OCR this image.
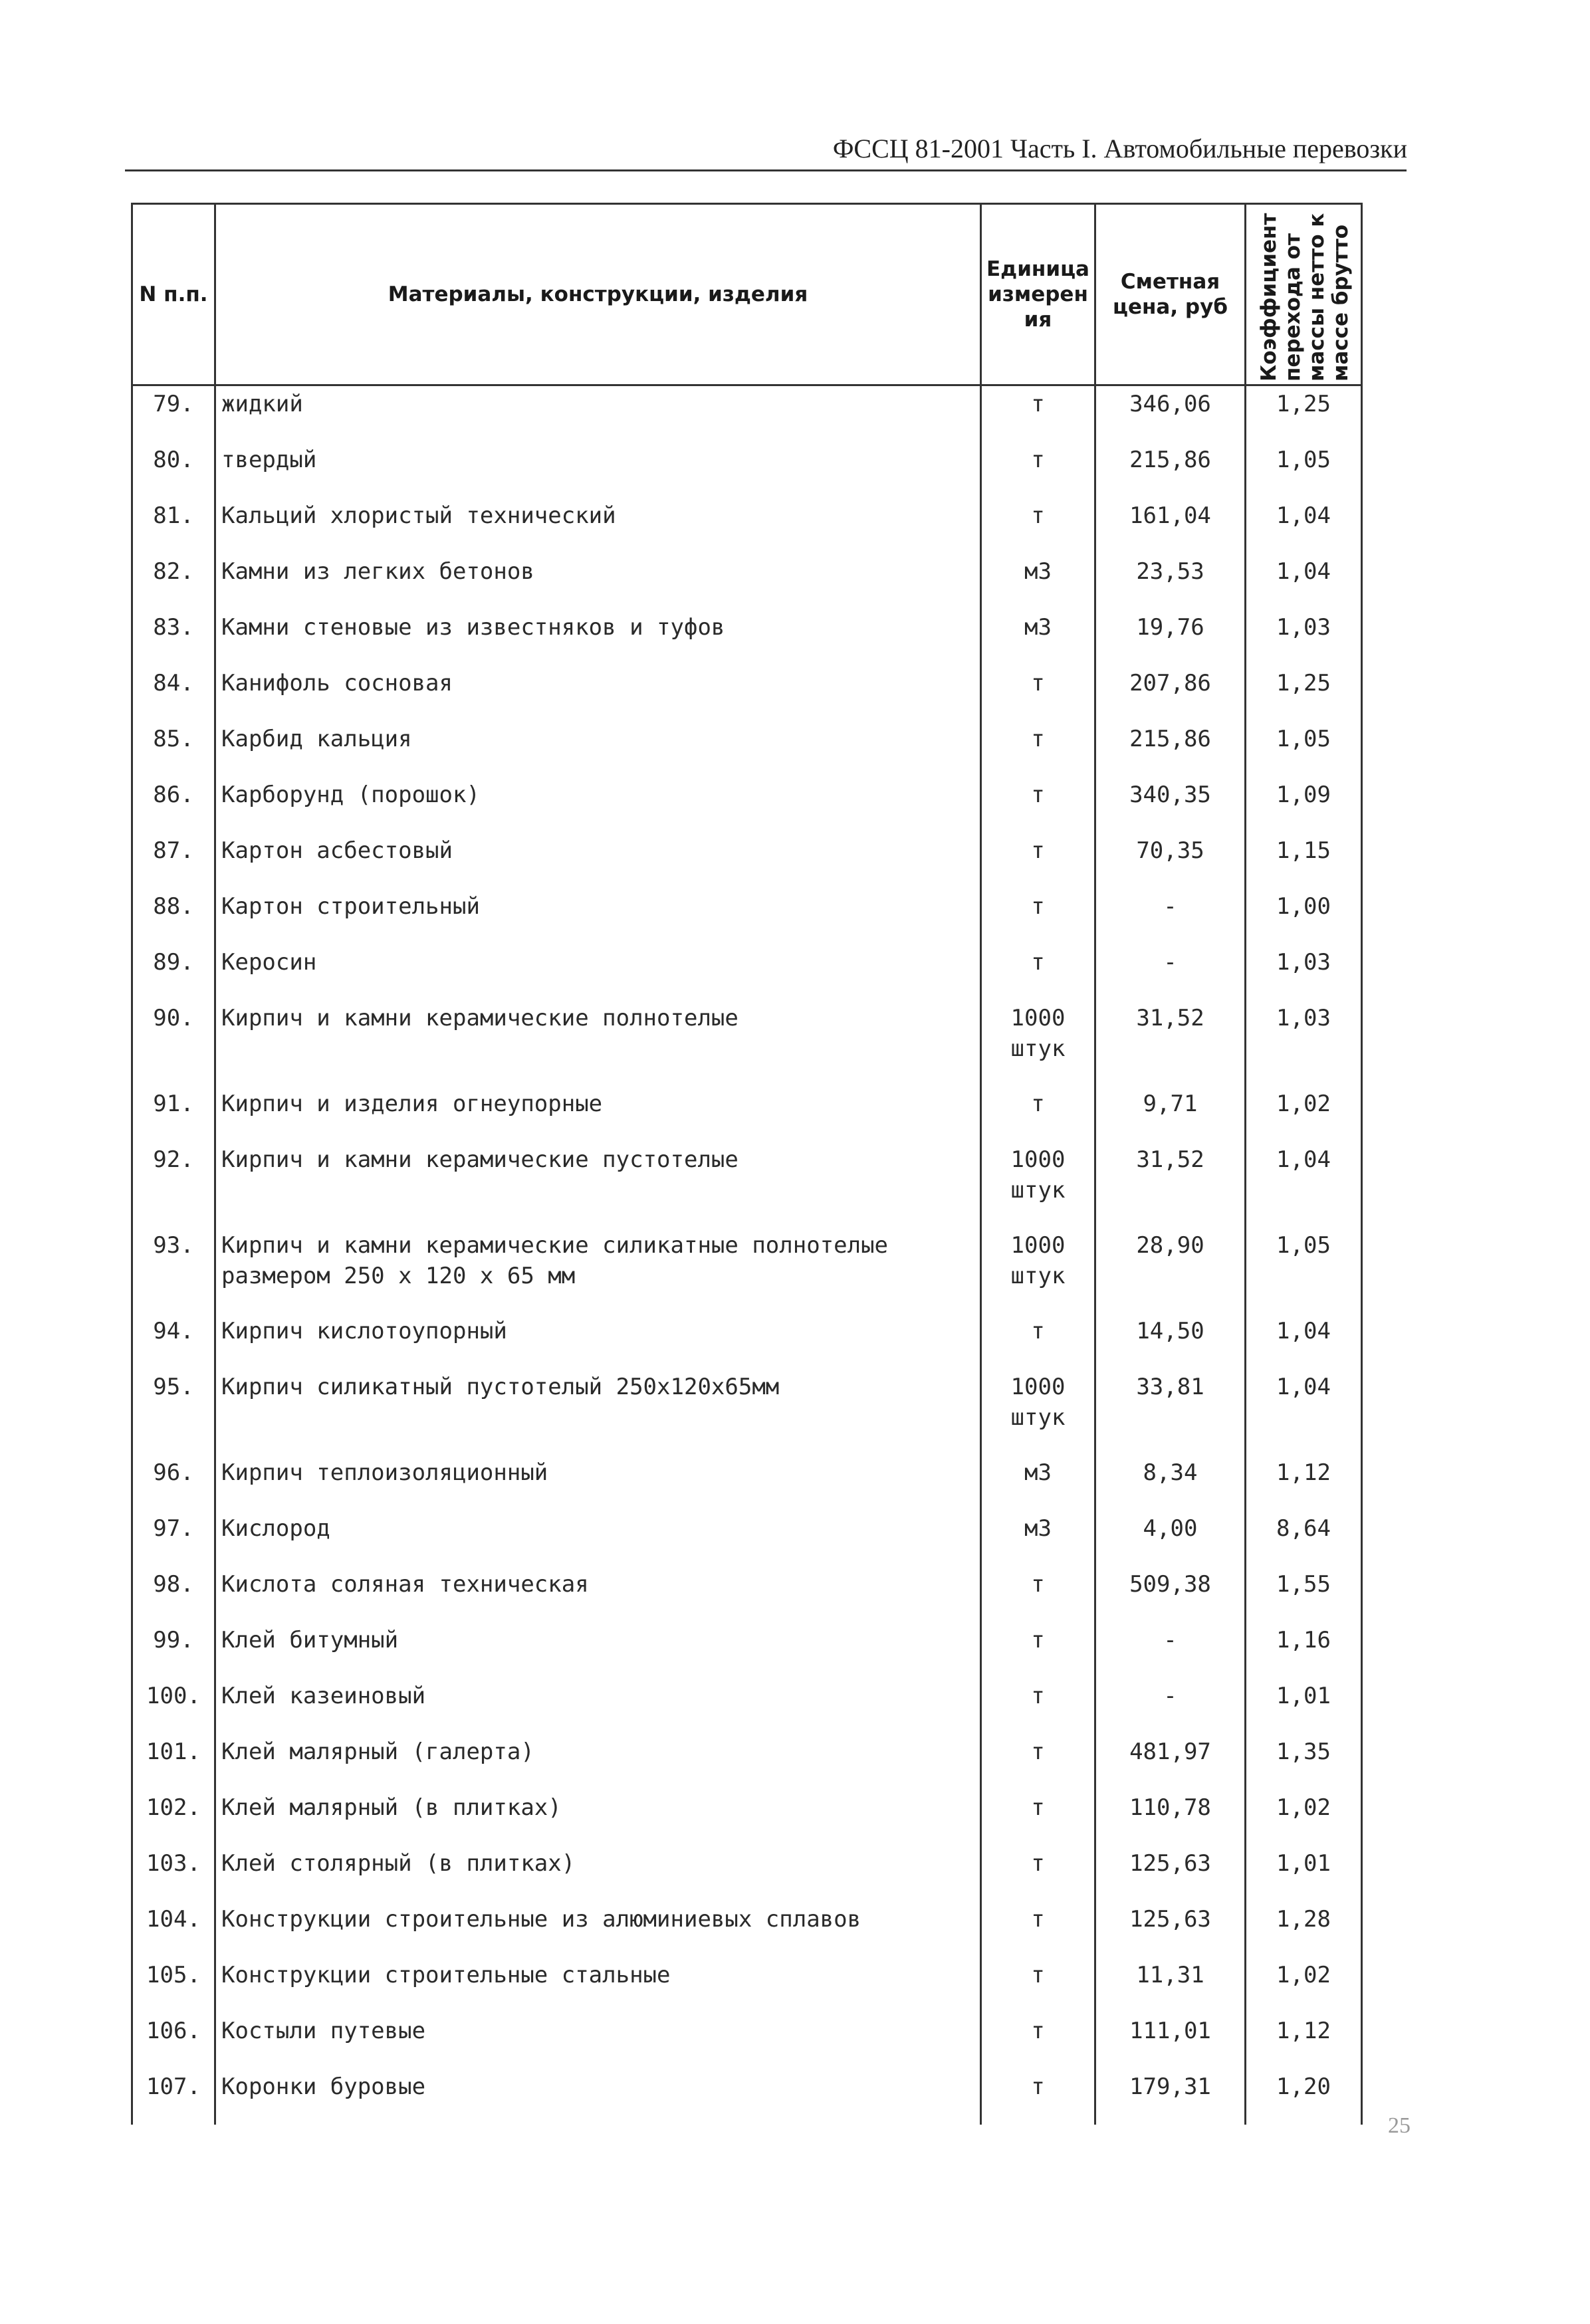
ФССЦ 81-2001 Часть I. Автомобильные перевозки
N п.п.	Материалы, конструкции, изделия	Единица измерен ия	Сметная цена, руб	Коэффициент перехода от массы нетто к массе брутто

79.	жидкий	т	346,06	1,25
80.	твердый	т	215,86	1,05
81.	Кальций хлористый технический	т	161,04	1,04
82.	Камни из легких бетонов	м3	23,53	1,04
83.	Камни стеновые из известняков и туфов	м3	19,76	1,03
84.	Канифоль сосновая	т	207,86	1,25
85.	Карбид кальция	т	215,86	1,05
86.	Карборунд (порошок)	т	340,35	1,09
87.	Картон асбестовый	т	70,35	1,15
88.	Картон строительный	т	-	1,00
89.	Керосин	т	-	1,03
90.	Кирпич и камни керамические полнотелые	1000 штук	31,52	1,03
91.	Кирпич и изделия огнеупорные	т	9,71	1,02
92.	Кирпич и камни керамические пустотелые	1000 штук	31,52	1,04
93.	Кирпич и камни керамические силикатные полнотелые размером 250 х 120 х 65 мм	1000 штук	28,90	1,05
94.	Кирпич кислотоупорный	т	14,50	1,04
95.	Кирпич силикатный пустотелый 250х120х65мм	1000 штук	33,81	1,04
96.	Кирпич теплоизоляционный	м3	8,34	1,12
97.	Кислород	м3	4,00	8,64
98.	Кислота соляная техническая	т	509,38	1,55
99.	Клей битумный	т	-	1,16
100.	Клей казеиновый	т	-	1,01
101.	Клей малярный (галерта)	т	481,97	1,35
102.	Клей малярный (в плитках)	т	110,78	1,02
103.	Клей столярный (в плитках)	т	125,63	1,01
104.	Конструкции строительные из алюминиевых сплавов	т	125,63	1,28
105.	Конструкции строительные стальные	т	11,31	1,02
106.	Костыли путевые	т	111,01	1,12
107.	Коронки буровые	т	179,31	1,20
25
